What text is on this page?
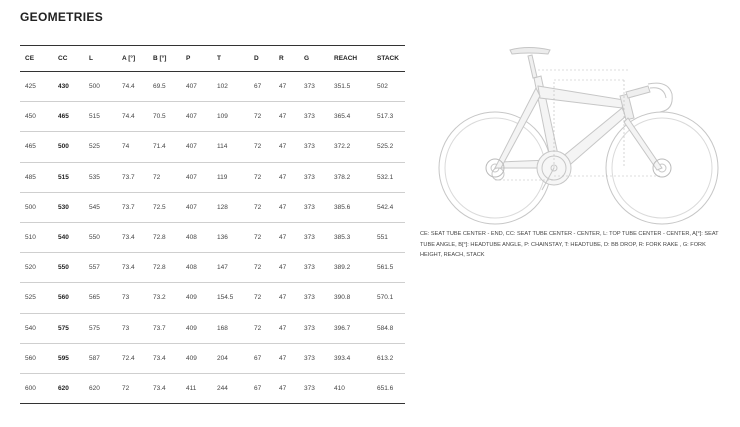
GEOMETRIES
CE	CC	L	A [°]	B [°]	P	T	D	R	G	REACH	STACK
425	430	500	74.4	69.5	407	102	67	47	373	351.5	502
450	465	515	74.4	70.5	407	109	72	47	373	365.4	517.3
465	500	525	74	71.4	407	114	72	47	373	372.2	525.2
485	515	535	73.7	72	407	119	72	47	373	378.2	532.1
500	530	545	73.7	72.5	407	128	72	47	373	385.6	542.4
510	540	550	73.4	72.8	408	136	72	47	373	385.3	551
520	550	557	73.4	72.8	408	147	72	47	373	389.2	561.5
525	560	565	73	73.2	409	154.5	72	47	373	390.8	570.1
540	575	575	73	73.7	409	168	72	47	373	396.7	584.8
560	595	587	72.4	73.4	409	204	67	47	373	393.4	613.2
600	620	620	72	73.4	411	244	67	47	373	410	651.6
CE: SEAT TUBE CENTER - END, CC: SEAT TUBE CENTER - CENTER, L: TOP TUBE CENTER - CENTER, A[°]: SEAT TUBE ANGLE, B[°]: HEADTUBE ANGLE, P: CHAINSTAY, T: HEADTUBE, D: BB DROP, R: FORK RAKE , G: FORK HEIGHT, REACH, STACK
